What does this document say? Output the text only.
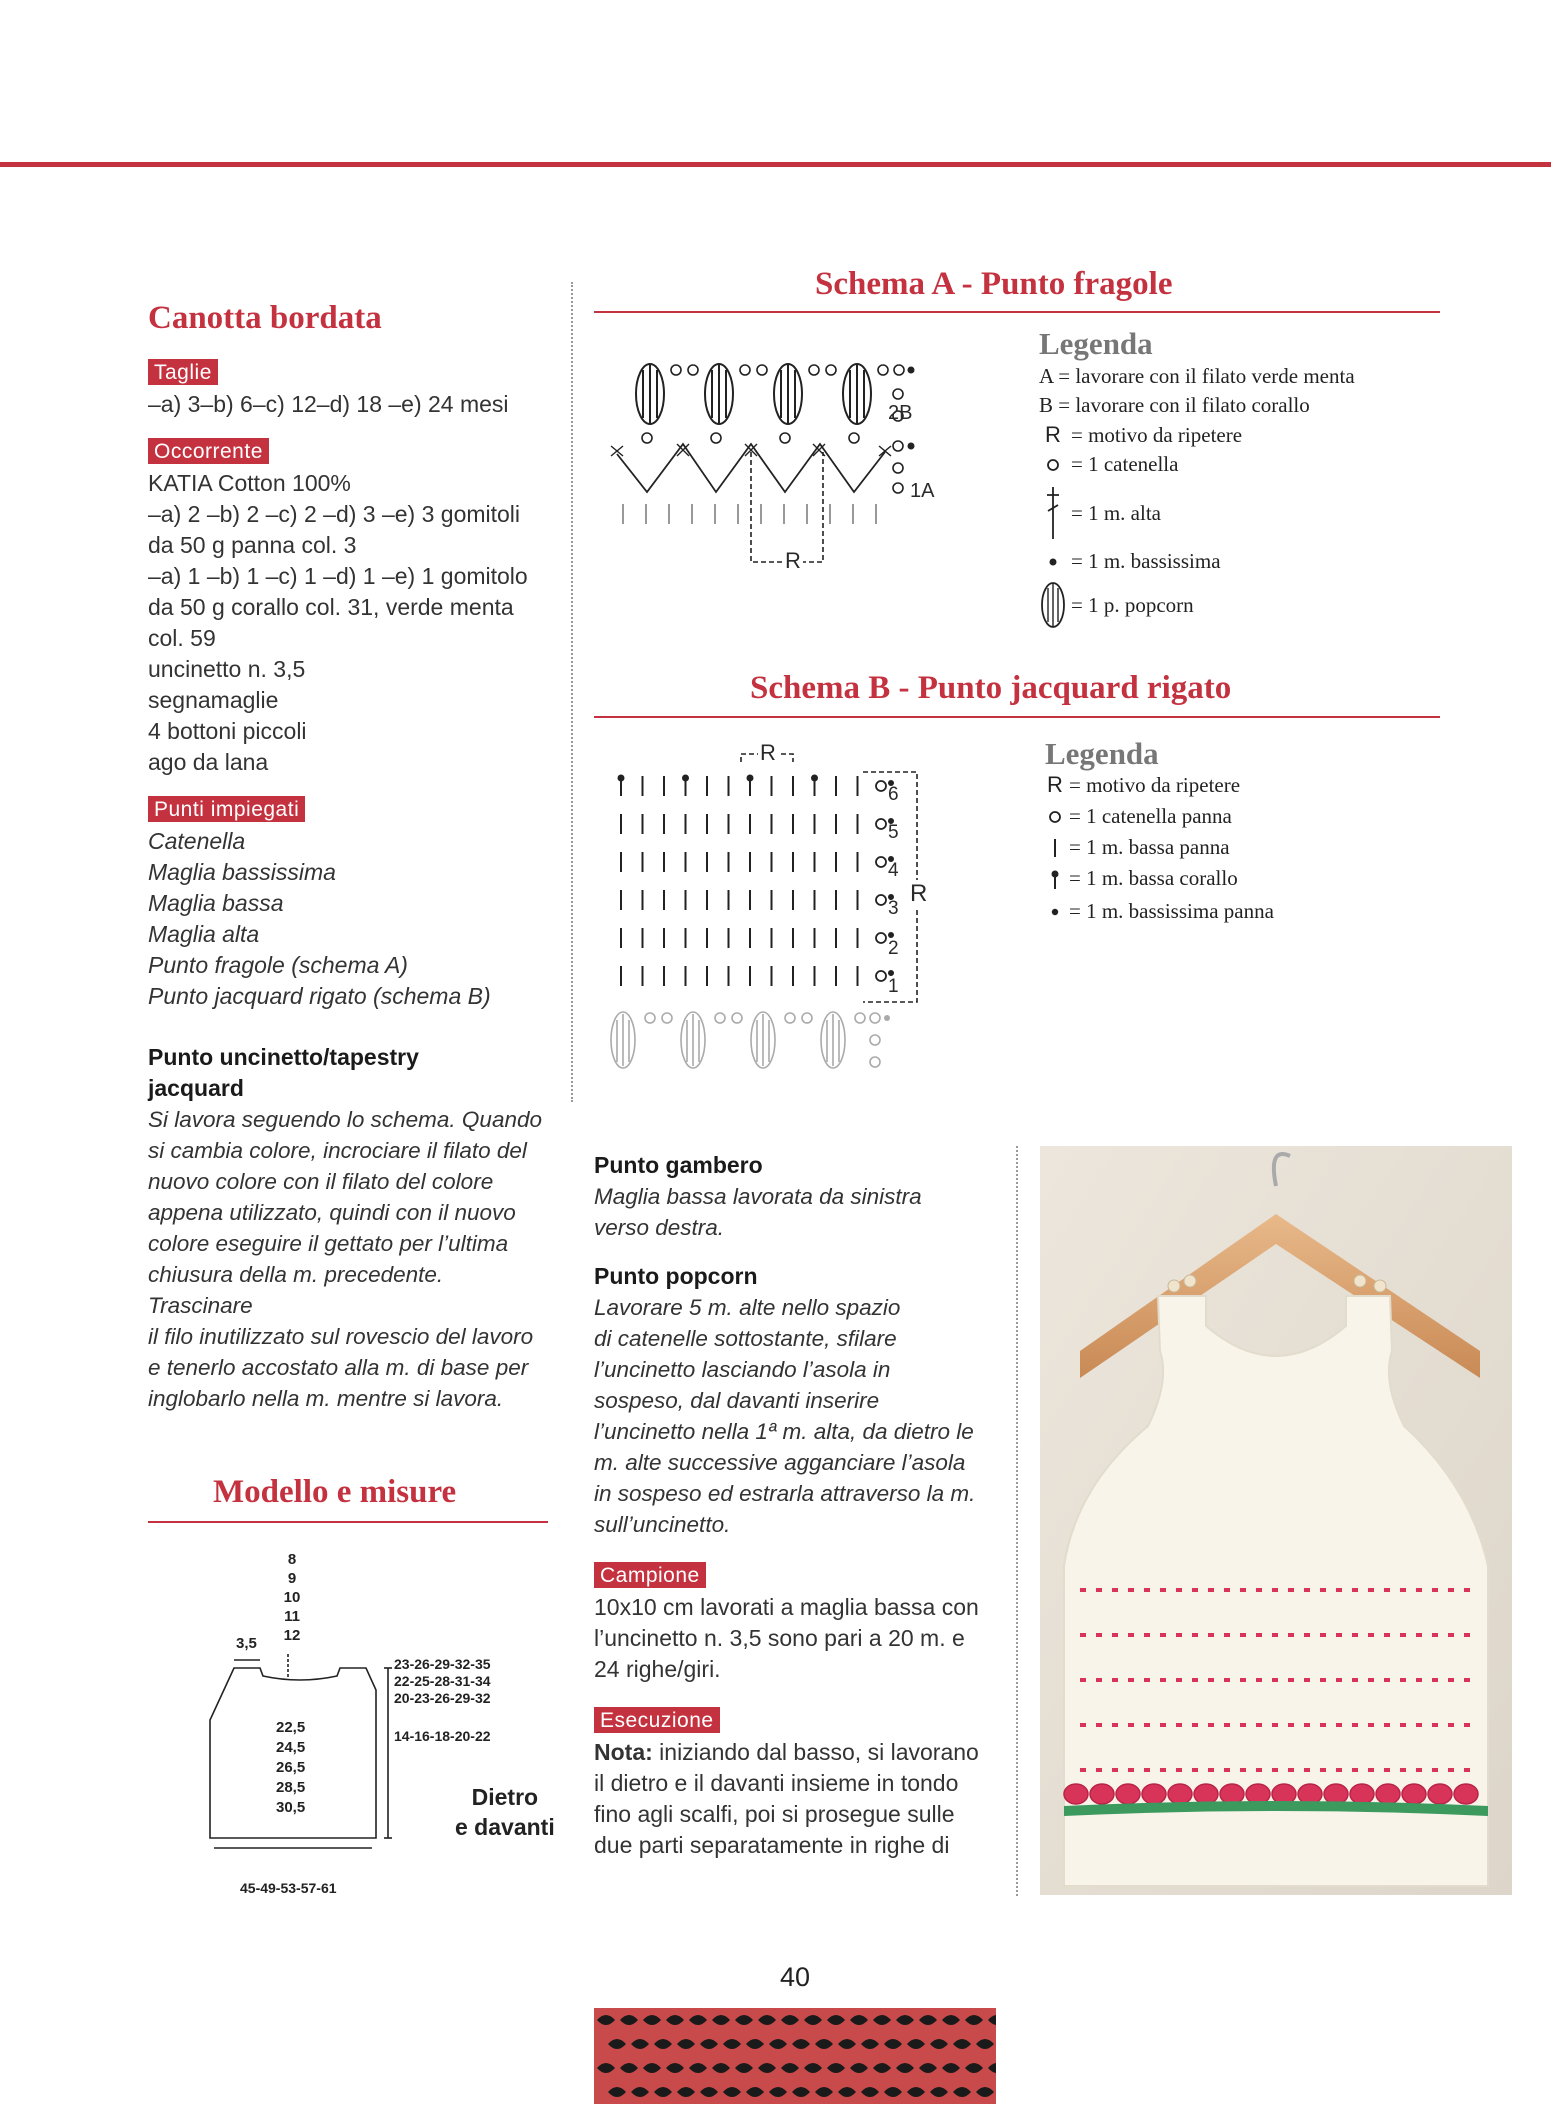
Canotta bordata
Taglie
–a) 3–b) 6–c) 12–d) 18 –e) 24 mesi
Occorrente
KATIA Cotton 100%
–a) 2 –b) 2 –c) 2 –d) 3 –e) 3 gomitoli
da 50 g panna col. 3
–a) 1 –b) 1 –c) 1 –d) 1 –e) 1 gomitolo
da 50 g corallo col. 31, verde menta
col. 59
uncinetto n. 3,5
segnamaglie
4 bottoni piccoli
ago da lana
Punti impiegati
Catenella
Maglia bassissima
Maglia bassa
Maglia alta
Punto fragole (schema A)
Punto jacquard rigato (schema B)
Punto uncinetto/tapestry
jacquard
Si lavora seguendo lo schema. Quando
si cambia colore, incrociare il filato del
nuovo colore con il filato del colore
appena utilizzato, quindi con il nuovo
colore eseguire il gettato per l’ultima
chiusura della m. precedente. Trascinare
il filo inutilizzato sul rovescio del lavoro
e tenerlo accostato alla m. di base per
inglobarlo nella m. mentre si lavora.
Modello e misure
8
9
10
11
12
3,5
23-26-29-32-35
22-25-28-31-34
20-23-26-29-32
14-16-18-20-22
22,5
24,5
26,5
28,5
30,5
45-49-53-57-61
Dietro
e davanti
Schema A - Punto fragole
2B
1A
R
Legenda
A = lavorare con il filato verde menta
B = lavorare con il filato corallo
R = motivo da ripetere
= 1 catenella
= 1 m. alta
= 1 m. bassissima
= 1 p. popcorn
Schema B - Punto jacquard rigato
R
R
6
5
4
3
2
1
Legenda
R = motivo da ripetere
= 1 catenella panna
= 1 m. bassa panna
= 1 m. bassa corallo
= 1 m. bassissima panna
Punto gambero
Maglia bassa lavorata da sinistra
verso destra.
Punto popcorn
Lavorare 5 m. alte nello spazio
di catenelle sottostante, sfilare
l’uncinetto lasciando l’asola in
sospeso, dal davanti inserire
l’uncinetto nella 1ª m. alta, da dietro le
m. alte successive agganciare l’asola
in sospeso ed estrarla attraverso la m.
sull’uncinetto.
Campione
10x10 cm lavorati a maglia bassa con
l’uncinetto n. 3,5 sono pari a 20 m. e
24 righe/giri.
Esecuzione
Nota: iniziando dal basso, si lavorano
il dietro e il davanti insieme in tondo
fino agli scalfi, poi si prosegue sulle
due parti separatamente in righe di
40
